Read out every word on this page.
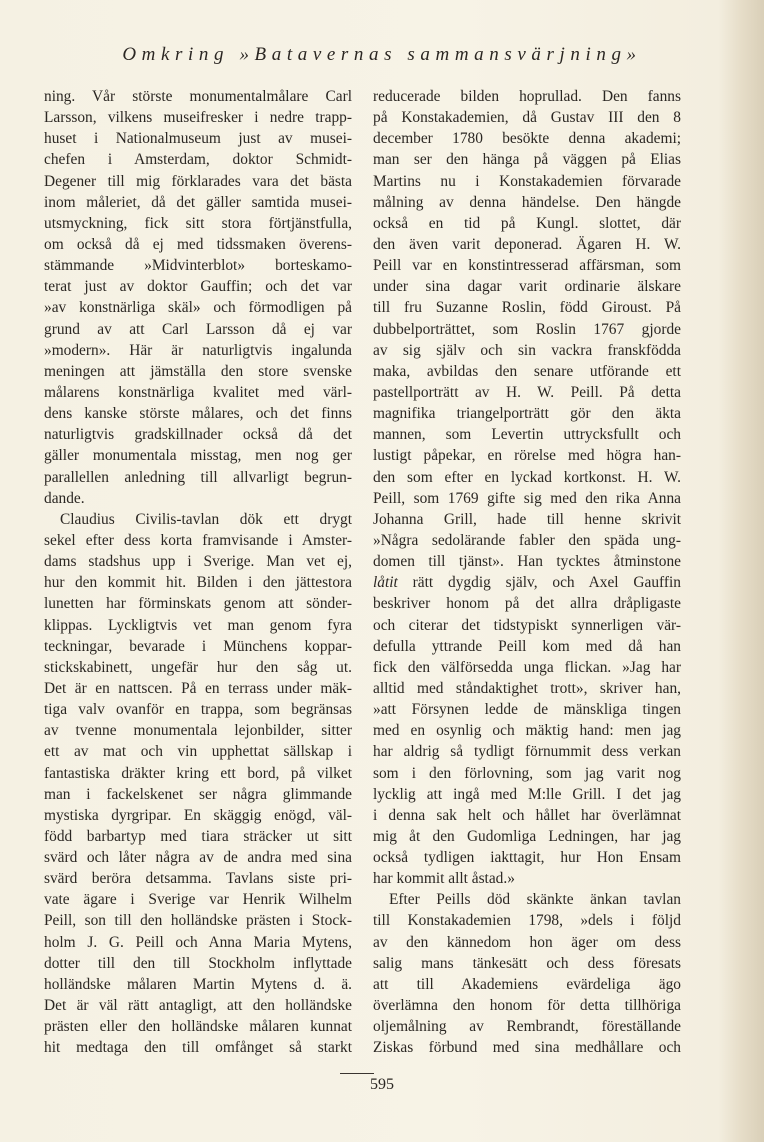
Omkring »Batavernas sammansvärjning»
ning. Vår störste monumentalmålare Carl
Larsson, vilkens museifresker i nedre trapp-
huset i Nationalmuseum just av musei-
chefen i Amsterdam, doktor Schmidt-
Degener till mig förklarades vara det bästa
inom måleriet, då det gäller samtida musei-
utsmyckning, fick sitt stora förtjänstfulla,
om också då ej med tidssmaken överens-
stämmande »Midvinterblot» borteskamo-
terat just av doktor Gauffin; och det var
»av konstnärliga skäl» och förmodligen på
grund av att Carl Larsson då ej var
»modern». Här är naturligtvis ingalunda
meningen att jämställa den store svenske
målarens konstnärliga kvalitet med värl-
dens kanske störste målares, och det finns
naturligtvis gradskillnader också då det
gäller monumentala misstag, men nog ger
parallellen anledning till allvarligt begrun-
dande.
Claudius Civilis-tavlan dök ett drygt
sekel efter dess korta framvisande i Amster-
dams stadshus upp i Sverige. Man vet ej,
hur den kommit hit. Bilden i den jättestora
lunetten har förminskats genom att sönder-
klippas. Lyckligtvis vet man genom fyra
teckningar, bevarade i Münchens koppar-
stickskabinett, ungefär hur den såg ut.
Det är en nattscen. På en terrass under mäk-
tiga valv ovanför en trappa, som begränsas
av tvenne monumentala lejonbilder, sitter
ett av mat och vin upphettat sällskap i
fantastiska dräkter kring ett bord, på vilket
man i fackelskenet ser några glimmande
mystiska dyrgripar. En skäggig enögd, väl-
född barbartyp med tiara sträcker ut sitt
svärd och låter några av de andra med sina
svärd beröra detsamma. Tavlans siste pri-
vate ägare i Sverige var Henrik Wilhelm
Peill, son till den holländske prästen i Stock-
holm J. G. Peill och Anna Maria Mytens,
dotter till den till Stockholm inflyttade
holländske målaren Martin Mytens d. ä.
Det är väl rätt antagligt, att den holländske
prästen eller den holländske målaren kunnat
hit medtaga den till omfånget så starkt
reducerade bilden hoprullad. Den fanns
på Konstakademien, då Gustav III den 8
december 1780 besökte denna akademi;
man ser den hänga på väggen på Elias
Martins nu i Konstakademien förvarade
målning av denna händelse. Den hängde
också en tid på Kungl. slottet, där
den även varit deponerad. Ägaren H. W.
Peill var en konstintresserad affärsman, som
under sina dagar varit ordinarie älskare
till fru Suzanne Roslin, född Giroust. På
dubbelporträttet, som Roslin 1767 gjorde
av sig själv och sin vackra franskfödda
maka, avbildas den senare utförande ett
pastellporträtt av H. W. Peill. På detta
magnifika triangelporträtt gör den äkta
mannen, som Levertin uttrycksfullt och
lustigt påpekar, en rörelse med högra han-
den som efter en lyckad kortkonst. H. W.
Peill, som 1769 gifte sig med den rika Anna
Johanna Grill, hade till henne skrivit
»Några sedolärande fabler den späda ung-
domen till tjänst». Han tycktes åtminstone
låtit rätt dygdig själv, och Axel Gauffin
beskriver honom på det allra dråpligaste
och citerar det tidstypiskt synnerligen vär-
defulla yttrande Peill kom med då han
fick den välförsedda unga flickan. »Jag har
alltid med ståndaktighet trott», skriver han,
»att Försynen ledde de mänskliga tingen
med en osynlig och mäktig hand: men jag
har aldrig så tydligt förnummit dess verkan
som i den förlovning, som jag varit nog
lycklig att ingå med M:lle Grill. I det jag
i denna sak helt och hållet har överlämnat
mig åt den Gudomliga Ledningen, har jag
också tydligen iakttagit, hur Hon Ensam
har kommit allt åstad.»
Efter Peills död skänkte änkan tavlan
till Konstakademien 1798, »dels i följd
av den kännedom hon äger om dess
salig mans tänkesätt och dess föresats
att till Akademiens evärdeliga ägo
överlämna den honom för detta tillhöriga
oljemålning av Rembrandt, föreställande
Ziskas förbund med sina medhållare och
595
